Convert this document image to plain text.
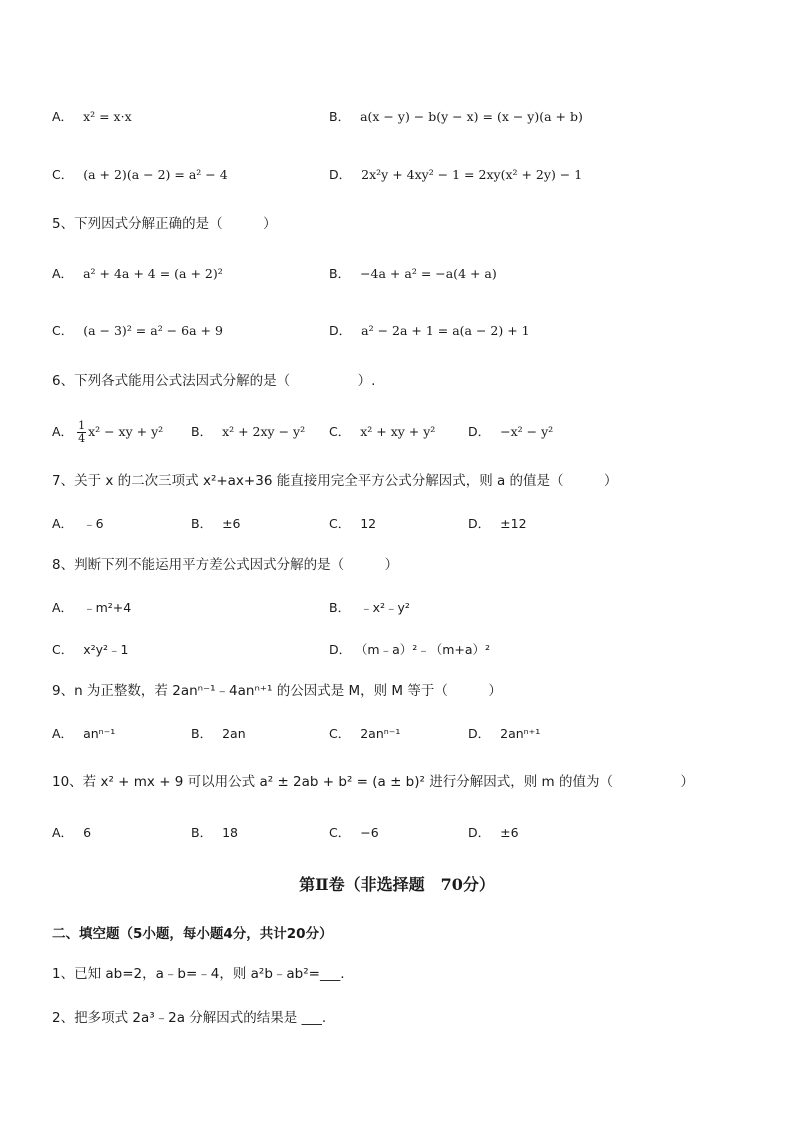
A． x² = x·x	B． a(x − y) − b(y − x) = (x − y)(a + b)
C． (a + 2)(a − 2) = a² − 4	D． 2x²y + 4xy² − 1 = 2xy(x² + 2y) − 1
5、下列因式分解正确的是（　　　）
A． a² + 4a + 4 = (a + 2)²	B． −4a + a² = −a(4 + a)
C． (a − 3)² = a² − 6a + 9	D． a² − 2a + 1 = a(a − 2) + 1
6、下列各式能用公式法因式分解的是（　　　　　）.
A． $\frac{1}{4} x^2$ − xy + y² B． x² + 2xy − y² C． x² + xy + y²	D． −x² − y²
7、关于 x 的二次三项式 x²+ax+36 能直接用完全平方公式分解因式，则 a 的值是（　　　）
A． ﹣6	B． ±6	C． 12	D． ±12
8、判断下列不能运用平方差公式因式分解的是（　　　）
A． ﹣m²+4	B． ﹣x²﹣y²
C． x²y²﹣1	D． （m﹣a）²﹣（m+a）²
9、n 为正整数，若 2anⁿ⁻¹﹣4anⁿ⁺¹ 的公因式是 M，则 M 等于（　　　）
A． anⁿ⁻¹	B． 2an	C． 2anⁿ⁻¹	D． 2anⁿ⁺¹
10、若 x² + mx + 9 可以用公式 a² ± 2ab + b² = (a ± b)² 进行分解因式，则 m 的值为（　　　　　）
A． 6	B． 18	C． −6	D． ±6
第Ⅱ卷（非选择题　70分）
二、填空题（5小题，每小题4分，共计20分）
1、已知 ab=2，a﹣b=﹣4，则 a²b﹣ab²=___.
2、把多项式 2a³﹣2a 分解因式的结果是 ___.
